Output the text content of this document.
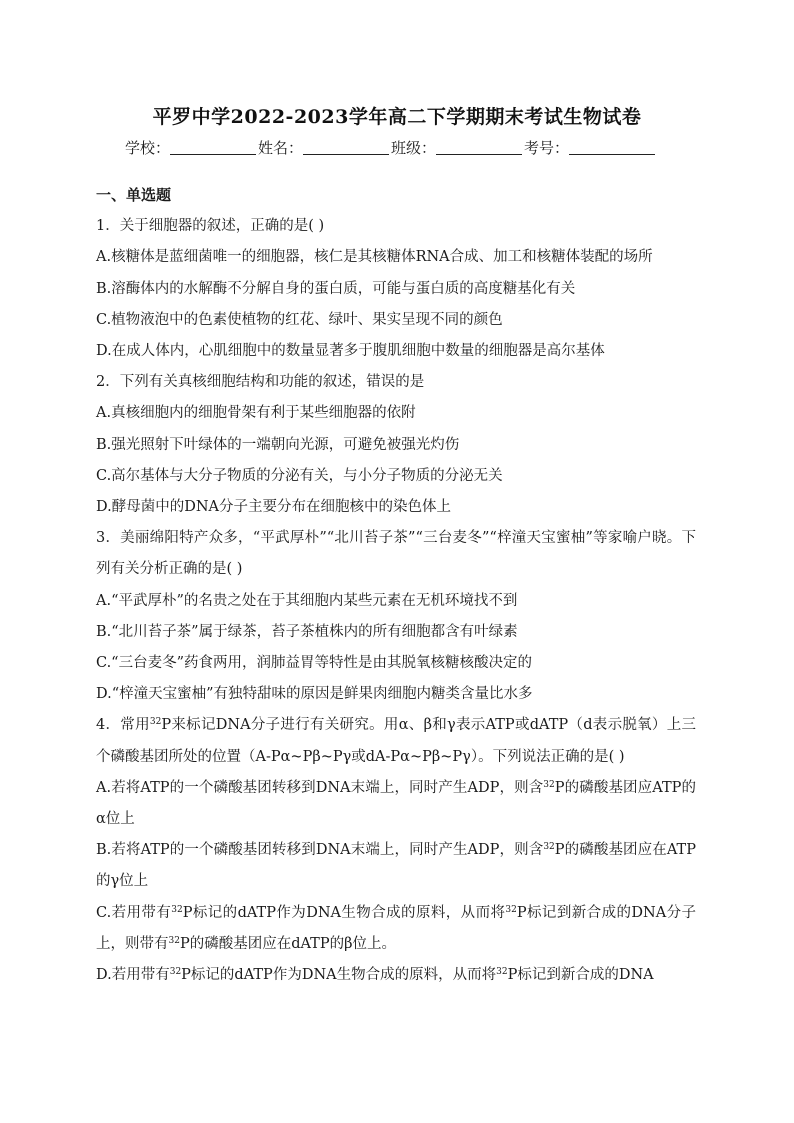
平罗中学2022-2023学年高二下学期期末考试生物试卷
学校：	姓名：	班级：	考号：
一、单选题
1．关于细胞器的叙述，正确的是( )
A.核糖体是蓝细菌唯一的细胞器，核仁是其核糖体RNA合成、加工和核糖体装配的场所
B.溶酶体内的水解酶不分解自身的蛋白质，可能与蛋白质的高度糖基化有关
C.植物液泡中的色素使植物的红花、绿叶、果实呈现不同的颜色
D.在成人体内，心肌细胞中的数量显著多于腹肌细胞中数量的细胞器是高尔基体
2．下列有关真核细胞结构和功能的叙述，错误的是
A.真核细胞内的细胞骨架有利于某些细胞器的依附
B.强光照射下叶绿体的一端朝向光源，可避免被强光灼伤
C.高尔基体与大分子物质的分泌有关，与小分子物质的分泌无关
D.酵母菌中的DNA分子主要分布在细胞核中的染色体上
3．美丽绵阳特产众多，“平武厚朴”“北川苔子茶”“三台麦冬”“梓潼天宝蜜柚”等家喻户晓。下列有关分析正确的是( )
A.“平武厚朴”的名贵之处在于其细胞内某些元素在无机环境找不到
B.“北川苔子茶”属于绿茶，苔子茶植株内的所有细胞都含有叶绿素
C.“三台麦冬”药食两用，润肺益胃等特性是由其脱氧核糖核酸决定的
D.“梓潼天宝蜜柚”有独特甜味的原因是鲜果肉细胞内糖类含量比水多
4．常用$^{32}$P来标记DNA分子进行有关研究。用α、β和γ表示ATP或dATP（d表示脱氧）上三个磷酸基团所处的位置（A-Pα~Pβ~Pγ或dA-Pα~Pβ~Pγ）。下列说法正确的是( )
A.若将ATP的一个磷酸基团转移到DNA末端上，同时产生ADP，则含$^{32}$P的磷酸基团应ATP的α位上
B.若将ATP的一个磷酸基团转移到DNA末端上，同时产生ADP，则含$^{32}$P的磷酸基团应在ATP的γ位上
C.若用带有$^{32}$P标记的dATP作为DNA生物合成的原料，从而将$^{32}$P标记到新合成的DNA分子上，则带有$^{32}$P的磷酸基团应在dATP的β位上。
D.若用带有$^{32}$P标记的dATP作为DNA生物合成的原料，从而将$^{32}$P标记到新合成的DNA
